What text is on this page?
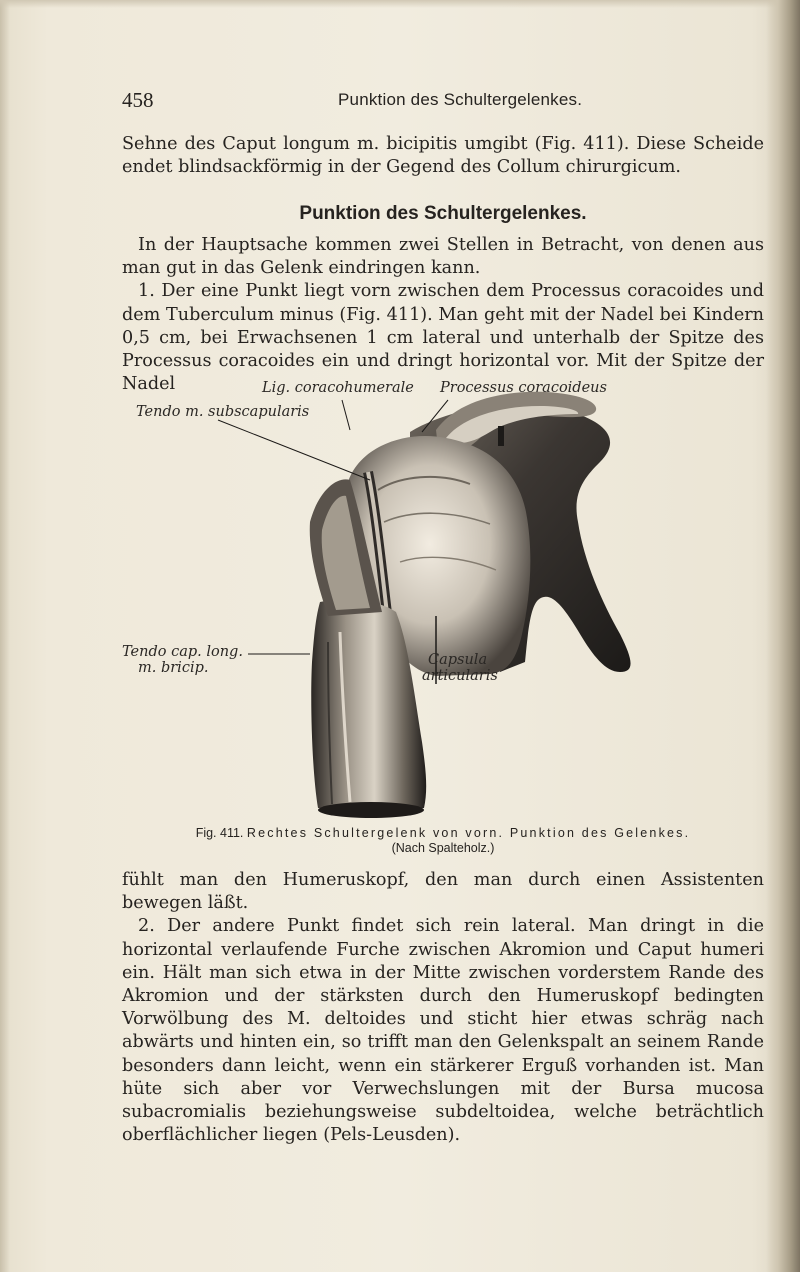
458	Punktion des Schultergelenkes.

Sehne des Caput longum m. bicipitis umgibt (Fig. 411). Diese Scheide endet blindsackförmig in der Gegend des Collum chirurgicum.

Punktion des Schultergelenkes.

In der Hauptsache kommen zwei Stellen in Betracht, von denen aus man gut in das Gelenk eindringen kann.

1. Der eine Punkt liegt vorn zwischen dem Processus coracoides und dem Tuberculum minus (Fig. 411). Man geht mit der Nadel bei Kindern 0,5 cm, bei Erwachsenen 1 cm lateral und unterhalb der Spitze des Processus coracoides ein und dringt horizontal vor. Mit der Spitze der Nadel	Lig. coracohumerale Processus coracoideus
Tendo m. subscapularis
Tendo cap. long.
m. bricip.	Capsula
articularis
Fig. 411. Rechtes Schultergelenk von vorn. Punktion des Gelenkes.
(Nach Spalteholz.)

fühlt man den Humeruskopf, den man durch einen Assistenten bewegen läßt.

2. Der andere Punkt findet sich rein lateral. Man dringt in die horizontal verlaufende Furche zwischen Akromion und Caput humeri ein. Hält man sich etwa in der Mitte zwischen vorderstem Rande des Akromion und der stärksten durch den Humeruskopf bedingten Vorwölbung des M. deltoides und sticht hier etwas schräg nach abwärts und hinten ein, so trifft man den Gelenkspalt an seinem Rande besonders dann leicht, wenn ein stärkerer Erguß vorhanden ist. Man hüte sich aber vor Verwechslungen mit der Bursa mucosa subacromialis beziehungsweise subdeltoidea, welche beträchtlich oberflächlicher liegen (Pels-Leusden).
